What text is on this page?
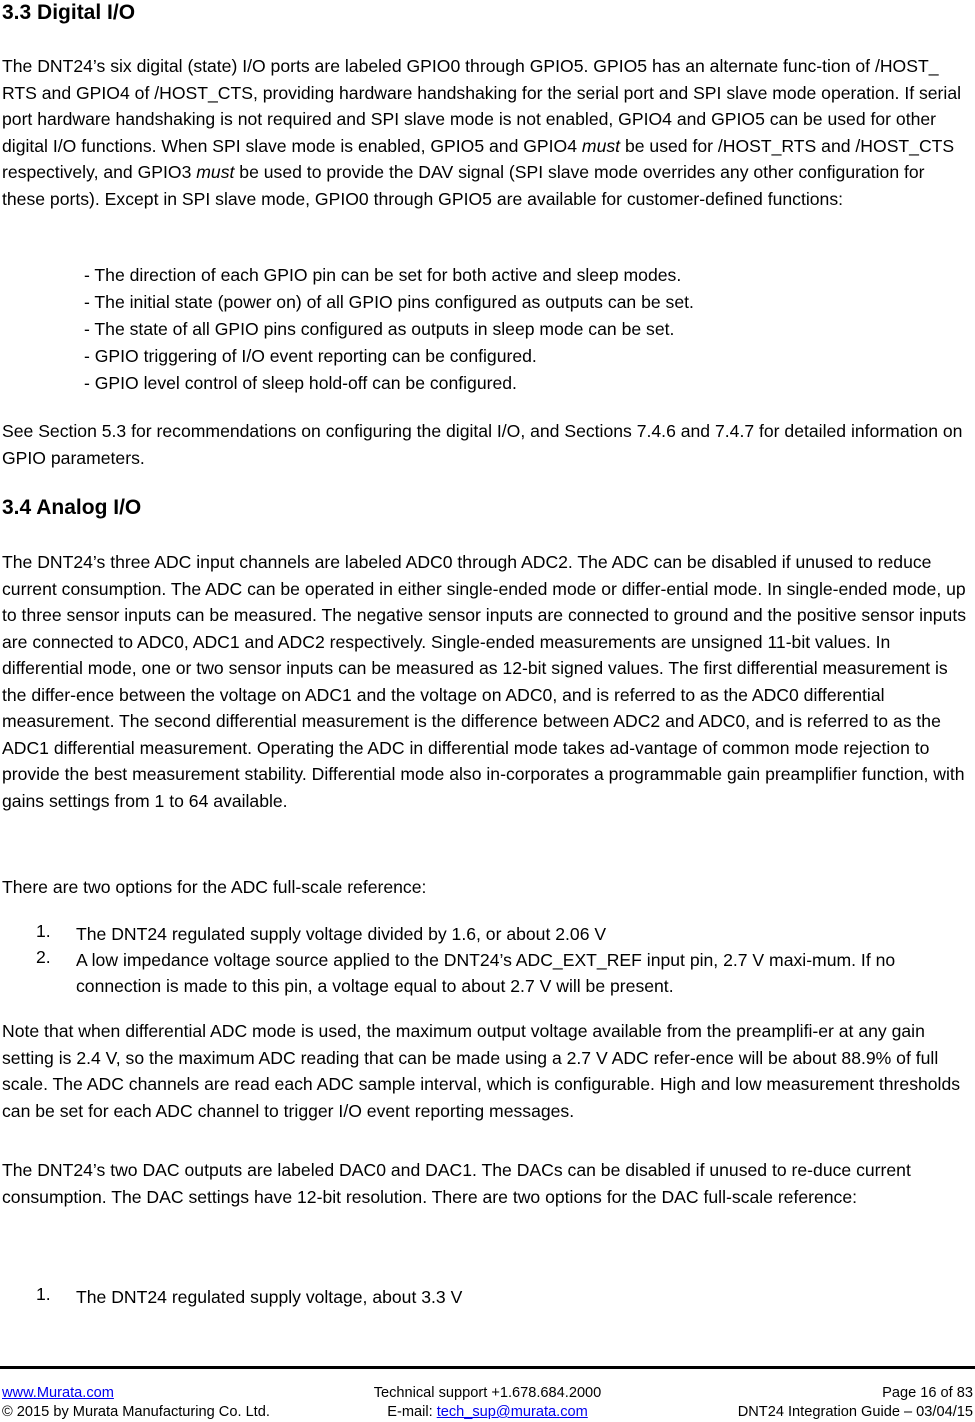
3.3 Digital I/O

The DNT24’s six digital (state) I/O ports are labeled GPIO0 through GPIO5. GPIO5 has an alternate func-tion of /HOST_ RTS and GPIO4 of /HOST_CTS, providing hardware handshaking for the serial port and SPI slave mode operation. If serial port hardware handshaking is not required and SPI slave mode is not enabled, GPIO4 and GPIO5 can be used for other digital I/O functions. When SPI slave mode is enabled, GPIO5 and GPIO4 must be used for /HOST_RTS and /HOST_CTS respectively, and GPIO3 must be used to provide the DAV signal (SPI slave mode overrides any other configuration for these ports). Except in SPI slave mode, GPIO0 through GPIO5 are available for customer-defined functions:

- The direction of each GPIO pin can be set for both active and sleep modes.

- The initial state (power on) of all GPIO pins configured as outputs can be set.

- The state of all GPIO pins configured as outputs in sleep mode can be set.

- GPIO triggering of I/O event reporting can be configured.

- GPIO level control of sleep hold-off can be configured.

See Section 5.3 for recommendations on configuring the digital I/O, and Sections 7.4.6 and 7.4.7 for detailed information on GPIO parameters.

3.4 Analog I/O

The DNT24’s three ADC input channels are labeled ADC0 through ADC2. The ADC can be disabled if unused to reduce current consumption. The ADC can be operated in either single-ended mode or differ-ential mode. In single-ended mode, up to three sensor inputs can be measured. The negative sensor inputs are connected to ground and the positive sensor inputs are connected to ADC0, ADC1 and ADC2 respectively. Single-ended measurements are unsigned 11-bit values. In differential mode, one or two sensor inputs can be measured as 12-bit signed values. The first differential measurement is the differ-ence between the voltage on ADC1 and the voltage on ADC0, and is referred to as the ADC0 differential measurement. The second differential measurement is the difference between ADC2 and ADC0, and is referred to as the ADC1 differential measurement. Operating the ADC in differential mode takes ad-vantage of common mode rejection to provide the best measurement stability. Differential mode also in-corporates a programmable gain preamplifier function, with gains settings from 1 to 64 available.

There are two options for the ADC full-scale reference:

1. The DNT24 regulated supply voltage divided by 1.6, or about 2.06 V
2. A low impedance voltage source applied to the DNT24’s ADC_EXT_REF input pin, 2.7 V maxi-mum. If no connection is made to this pin, a voltage equal to about 2.7 V will be present.

Note that when differential ADC mode is used, the maximum output voltage available from the preamplifi-er at any gain setting is 2.4 V, so the maximum ADC reading that can be made using a 2.7 V ADC refer-ence will be about 88.9% of full scale. The ADC channels are read each ADC sample interval, which is configurable. High and low measurement thresholds can be set for each ADC channel to trigger I/O event reporting messages.

The DNT24’s two DAC outputs are labeled DAC0 and DAC1. The DACs can be disabled if unused to re-duce current consumption. The DAC settings have 12-bit resolution. There are two options for the DAC full-scale reference:

1. The DNT24 regulated supply voltage, about 3.3 V
www.Murata.com

© 2015 by Murata Manufacturing Co. Ltd.

Technical support +1.678.684.2000

E-mail: tech_sup@murata.com

Page 16 of 83

DNT24 Integration Guide – 03/04/15
